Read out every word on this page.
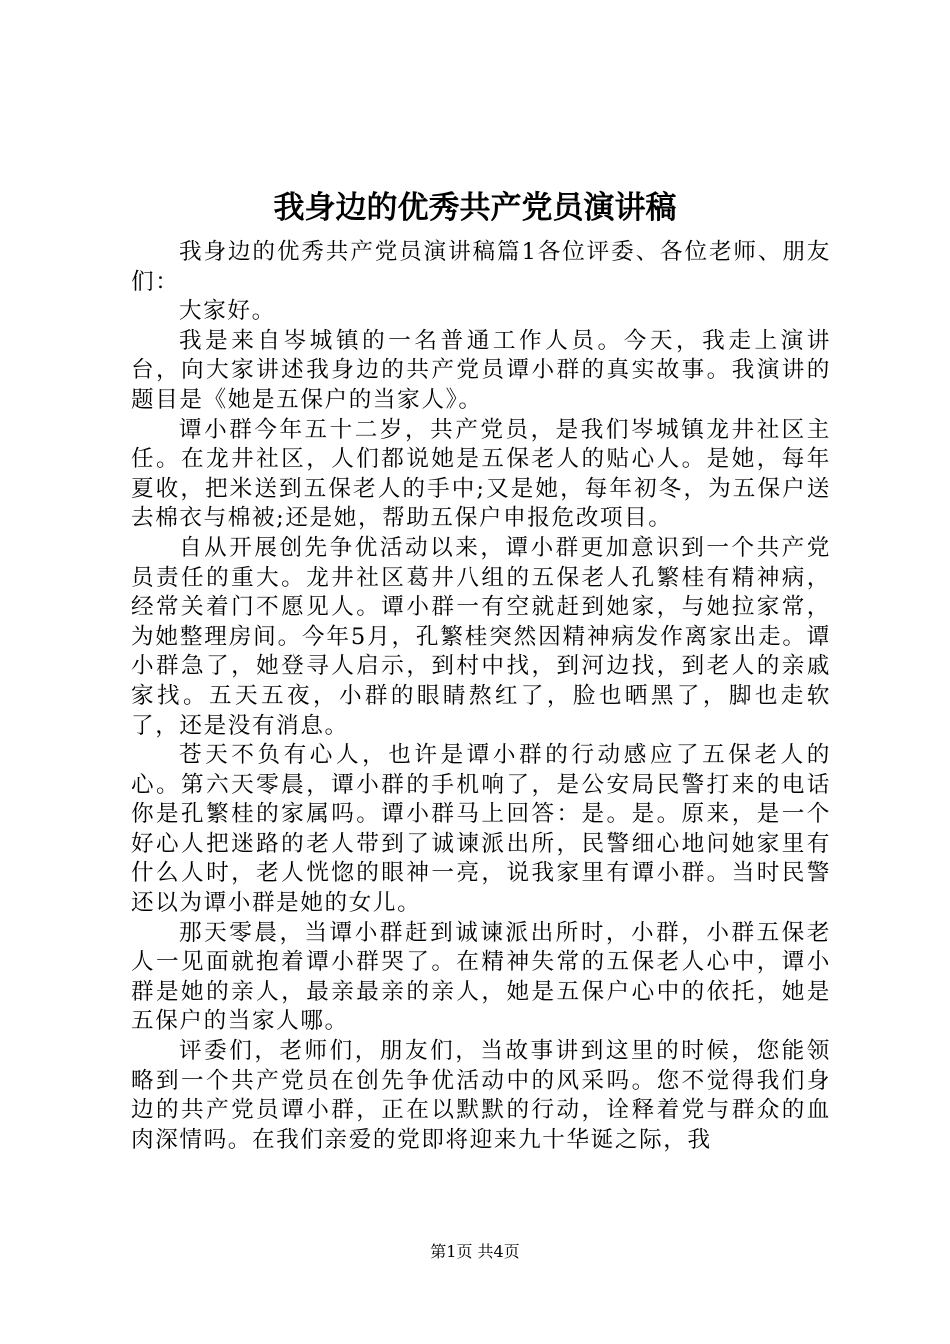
我身边的优秀共产党员演讲稿

我身边的优秀共产党员演讲稿篇1各位评委、各位老师、朋友们：

大家好。

我是来自岑城镇的一名普通工作人员。今天，我走上演讲台，向大家讲述我身边的共产党员谭小群的真实故事。我演讲的题目是《她是五保户的当家人》。

谭小群今年五十二岁，共产党员，是我们岑城镇龙井社区主任。在龙井社区，人们都说她是五保老人的贴心人。是她，每年夏收，把米送到五保老人的手中;又是她，每年初冬，为五保户送去棉衣与棉被;还是她，帮助五保户申报危改项目。

自从开展创先争优活动以来，谭小群更加意识到一个共产党员责任的重大。龙井社区葛井八组的五保老人孔繁桂有精神病，经常关着门不愿见人。谭小群一有空就赶到她家，与她拉家常，为她整理房间。今年5月，孔繁桂突然因精神病发作离家出走。谭小群急了，她登寻人启示，到村中找，到河边找，到老人的亲戚家找。五天五夜，小群的眼睛熬红了，脸也晒黑了，脚也走软了，还是没有消息。

苍天不负有心人，也许是谭小群的行动感应了五保老人的心。第六天零晨，谭小群的手机响了，是公安局民警打来的电话你是孔繁桂的家属吗。谭小群马上回答：是。是。原来，是一个好心人把迷路的老人带到了诚谏派出所，民警细心地问她家里有什么人时，老人恍惚的眼神一亮，说我家里有谭小群。当时民警还以为谭小群是她的女儿。

那天零晨，当谭小群赶到诚谏派出所时，小群，小群五保老人一见面就抱着谭小群哭了。在精神失常的五保老人心中，谭小群是她的亲人，最亲最亲的亲人，她是五保户心中的依托，她是五保户的当家人哪。

评委们，老师们，朋友们，当故事讲到这里的时候，您能领略到一个共产党员在创先争优活动中的风采吗。您不觉得我们身边的共产党员谭小群，正在以默默的行动，诠释着党与群众的血肉深情吗。在我们亲爱的党即将迎来九十华诞之际，我

第1页 共4页
